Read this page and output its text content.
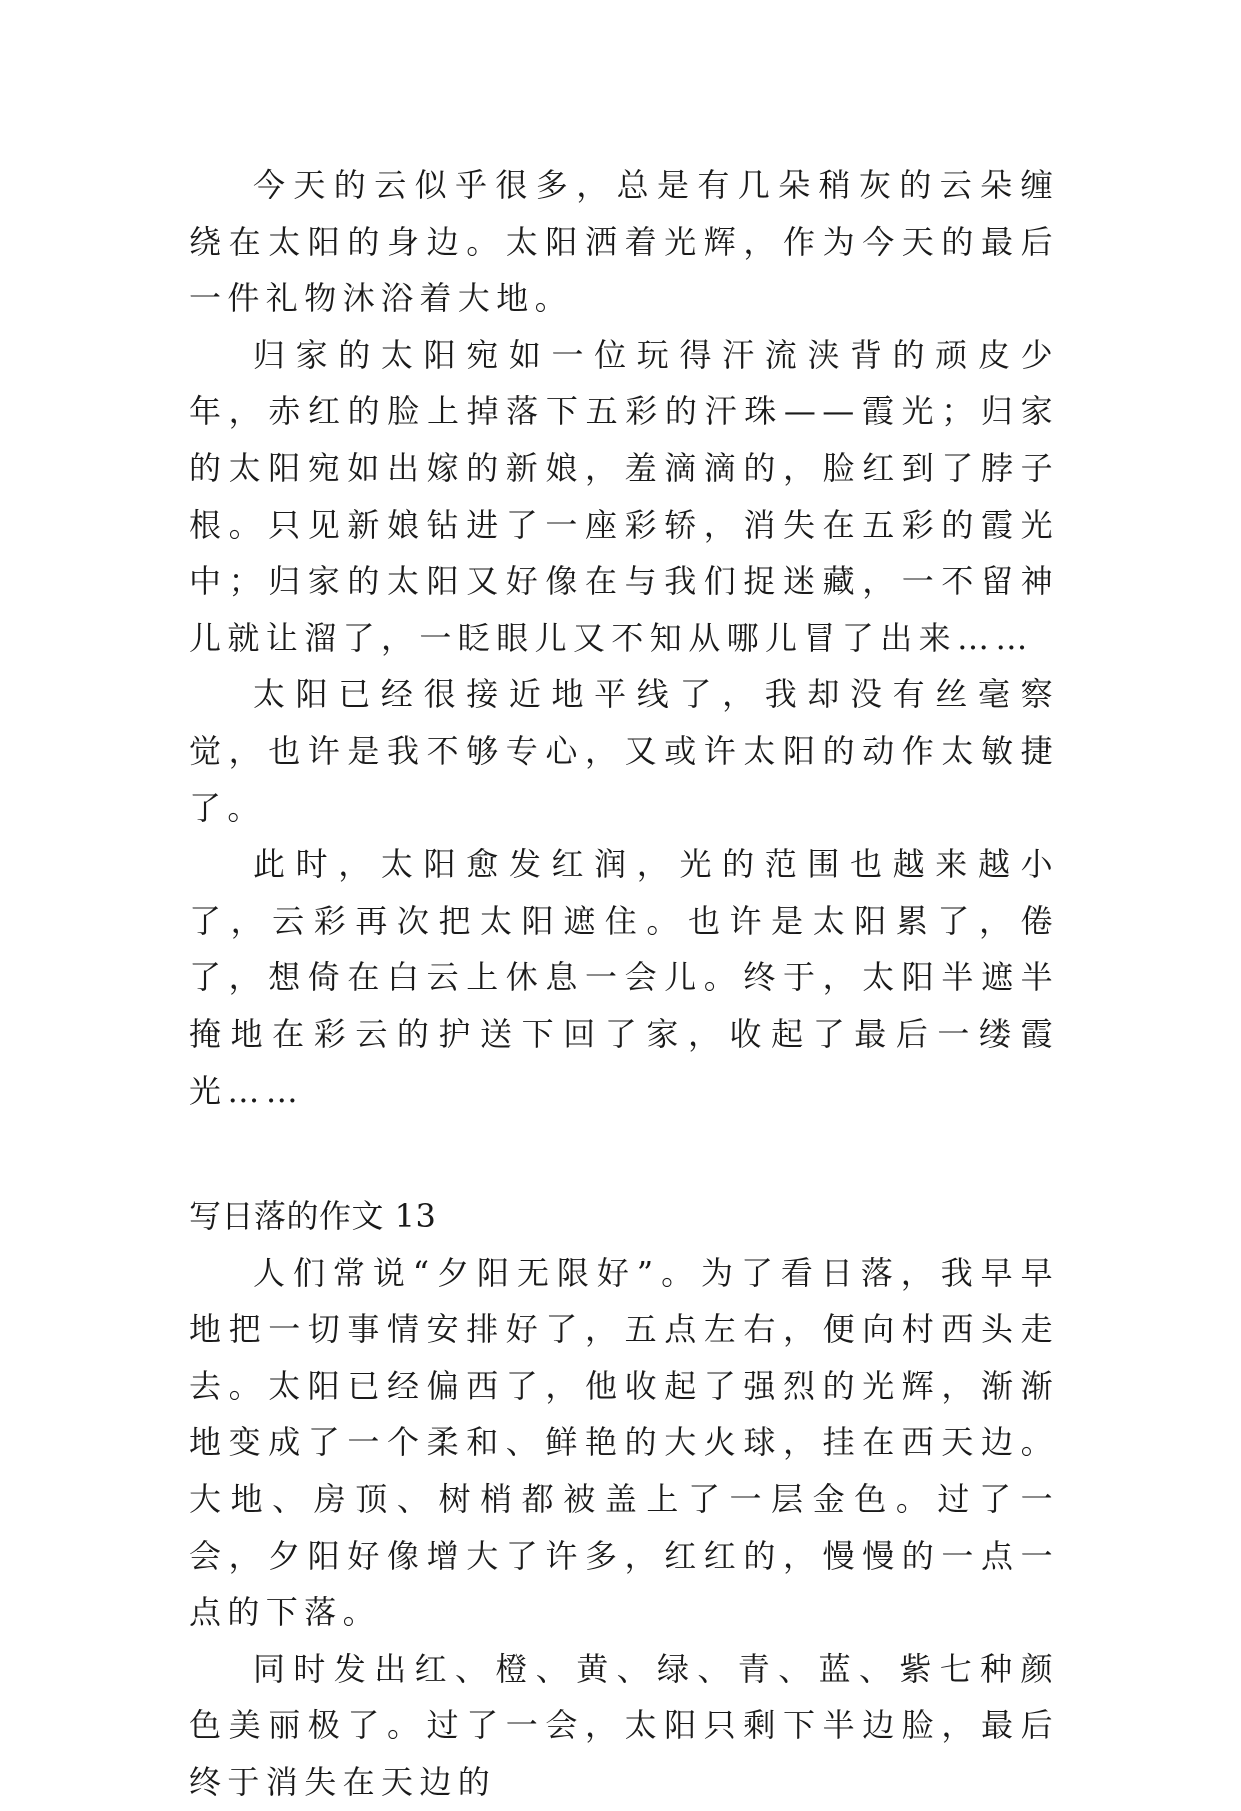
今天的云似乎很多，总是有几朵稍灰的云朵缠绕在太阳的身边。太阳洒着光辉，作为今天的最后一件礼物沐浴着大地。

归家的太阳宛如一位玩得汗流浃背的顽皮少年，赤红的脸上掉落下五彩的汗珠——霞光；归家的太阳宛如出嫁的新娘，羞滴滴的，脸红到了脖子根。只见新娘钻进了一座彩轿，消失在五彩的霞光中；归家的太阳又好像在与我们捉迷藏，一不留神儿就让溜了，一眨眼儿又不知从哪儿冒了出来……

太阳已经很接近地平线了，我却没有丝毫察觉，也许是我不够专心，又或许太阳的动作太敏捷了。

此时，太阳愈发红润，光的范围也越来越小了，云彩再次把太阳遮住。也许是太阳累了，倦了，想倚在白云上休息一会儿。终于，太阳半遮半掩地在彩云的护送下回了家，收起了最后一缕霞光……

写日落的作文 13

人们常说“夕阳无限好”。为了看日落，我早早地把一切事情安排好了，五点左右，便向村西头走去。太阳已经偏西了，他收起了强烈的光辉，渐渐地变成了一个柔和、鲜艳的大火球，挂在西天边。大地、房顶、树梢都被盖上了一层金色。过了一会，夕阳好像增大了许多，红红的，慢慢的一点一点的下落。

同时发出红、橙、黄、绿、青、蓝、紫七种颜色美丽极了。过了一会，太阳只剩下半边脸，最后终于消失在天边的
